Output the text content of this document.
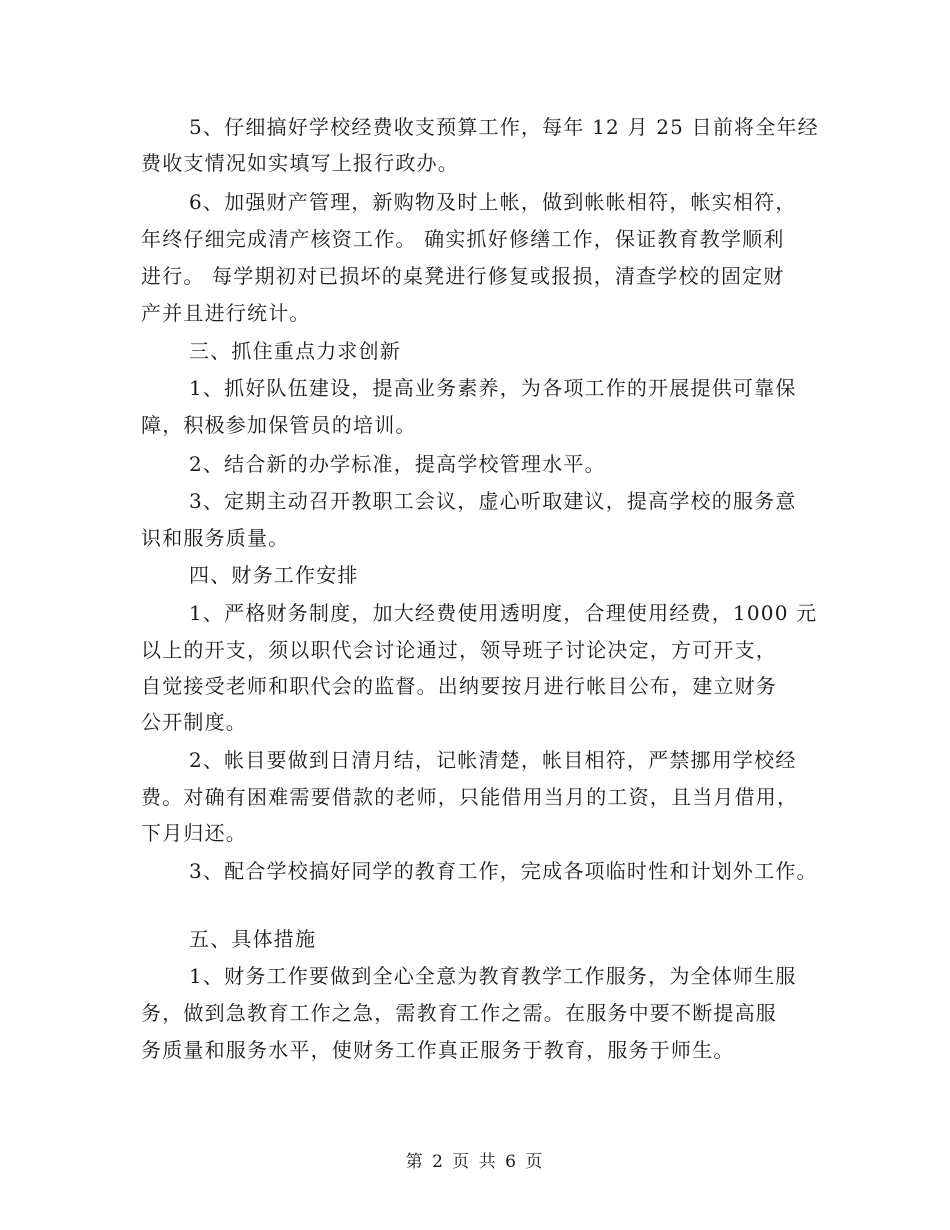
5、仔细搞好学校经费收支预算工作，每年 12 月 25 日前将全年经
费收支情况如实填写上报行政办。
6、加强财产管理，新购物及时上帐，做到帐帐相符，帐实相符，
年终仔细完成清产核资工作。 确实抓好修缮工作，保证教育教学顺利
进行。 每学期初对已损坏的桌凳进行修复或报损，清查学校的固定财
产并且进行统计。
三、抓住重点力求创新
1、抓好队伍建设，提高业务素养，为各项工作的开展提供可靠保
障，积极参加保管员的培训。
2、结合新的办学标准，提高学校管理水平。
3、定期主动召开教职工会议，虚心听取建议，提高学校的服务意
识和服务质量。
四、财务工作安排
1、严格财务制度，加大经费使用透明度，合理使用经费，1000 元
以上的开支，须以职代会讨论通过，领导班子讨论决定，方可开支，
自觉接受老师和职代会的监督。出纳要按月进行帐目公布，建立财务
公开制度。
2、帐目要做到日清月结，记帐清楚，帐目相符，严禁挪用学校经
费。对确有困难需要借款的老师，只能借用当月的工资，且当月借用，
下月归还。
3、配合学校搞好同学的教育工作，完成各项临时性和计划外工作。
五、具体措施
1、财务工作要做到全心全意为教育教学工作服务，为全体师生服
务，做到急教育工作之急，需教育工作之需。在服务中要不断提高服
务质量和服务水平，使财务工作真正服务于教育，服务于师生。
第 2 页 共 6 页
